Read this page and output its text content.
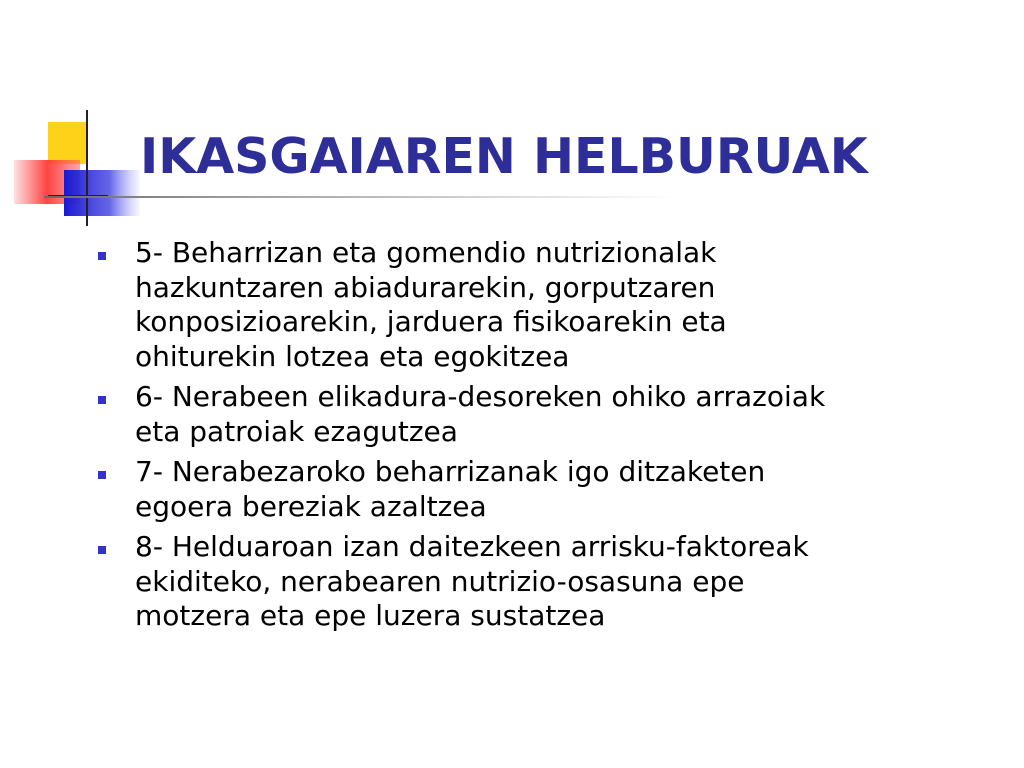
IKASGAIAREN HELBURUAK
5- Beharrizan eta gomendio nutrizionalak
hazkuntzaren abiadurarekin, gorputzaren
konposizioarekin, jarduera fisikoarekin eta
ohiturekin lotzea eta egokitzea
6- Nerabeen elikadura-desoreken ohiko arrazoiak
eta patroiak ezagutzea
7- Nerabezaroko beharrizanak igo ditzaketen
egoera bereziak azaltzea
8- Helduaroan izan daitezkeen arrisku-faktoreak
ekiditeko, nerabearen nutrizio-osasuna epe
motzera eta epe luzera sustatzea
